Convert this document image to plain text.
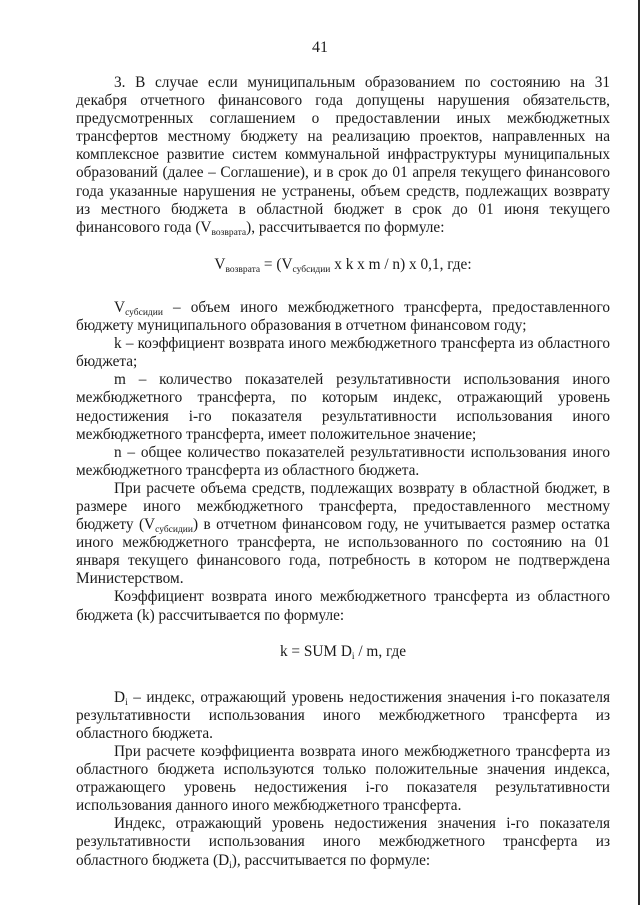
41

3. В случае если муниципальным образованием по состоянию на 31 декабря отчетного финансового года допущены нарушения обязательств, предусмотренных соглашением о предоставлении иных межбюджетных трансфертов местному бюджету на реализацию проектов, направленных на комплексное развитие систем коммунальной инфраструктуры муниципальных образований (далее – Соглашение), и в срок до 01 апреля текущего финансового года указанные нарушения не устранены, объем средств, подлежащих возврату из местного бюджета в областной бюджет в срок до 01 июня текущего финансового года $(V_{возврата})$, рассчитывается по формуле:

$V_{возврата} = (V_{субсидии}$ x k x m / n) x 0,1, где:

$V_{субсидии}$ – объем иного межбюджетного трансферта, предоставленного бюджету муниципального образования в отчетном финансовом году;

k – коэффициент возврата иного межбюджетного трансферта из областного бюджета;

m – количество показателей результативности использования иного межбюджетного трансферта, по которым индекс, отражающий уровень недостижения i-го показателя результативности использования иного межбюджетного трансферта, имеет положительное значение;

n – общее количество показателей результативности использования иного межбюджетного трансферта из областного бюджета.

При расчете объема средств, подлежащих возврату в областной бюджет, в размере иного межбюджетного трансферта, предоставленного местному бюджету $(V_{субсидии})$ в отчетном финансовом году, не учитывается размер остатка иного межбюджетного трансферта, не использованного по состоянию на 01 января текущего финансового года, потребность в котором не подтверждена Министерством.

Коэффициент возврата иного межбюджетного трансферта из областного бюджета (k) рассчитывается по формуле:

k = SUM $D_i$ / m, где

$D_i$ – индекс, отражающий уровень недостижения значения i-го показателя результативности использования иного межбюджетного трансферта из областного бюджета.

При расчете коэффициента возврата иного межбюджетного трансферта из областного бюджета используются только положительные значения индекса, отражающего уровень недостижения i-го показателя результативности использования данного иного межбюджетного трансферта.

Индекс, отражающий уровень недостижения значения i-го показателя результативности использования иного межбюджетного трансферта из областного бюджета $(D_i)$, рассчитывается по формуле:
